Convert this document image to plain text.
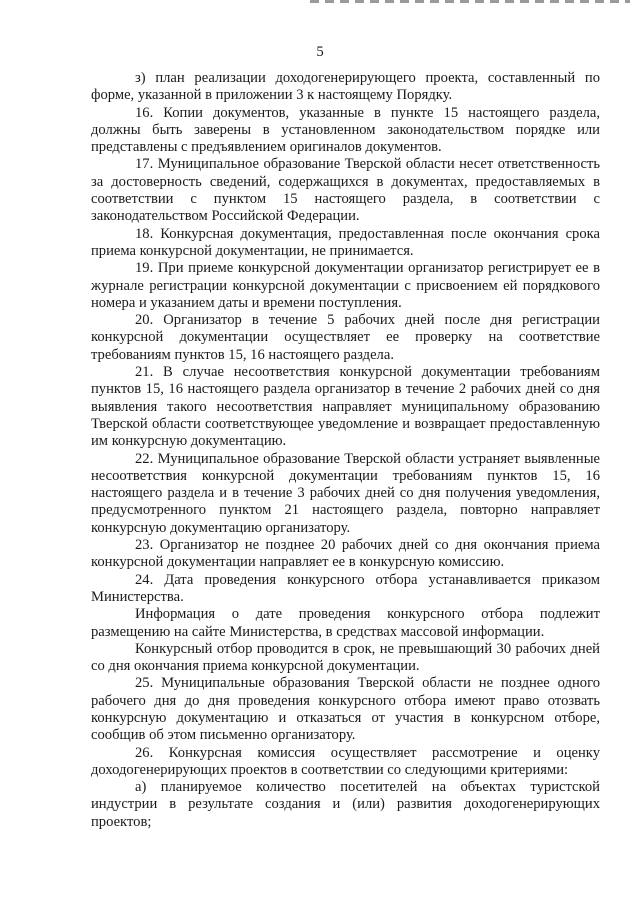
5

з) план реализации доходогенерирующего проекта, составленный по форме, указанной в приложении 3 к настоящему Порядку.

16. Копии документов, указанные в пункте 15 настоящего раздела, должны быть заверены в установленном законодательством порядке или представлены с предъявлением оригиналов документов.

17. Муниципальное образование Тверской области несет ответственность за достоверность сведений, содержащихся в документах, предоставляемых в соответствии с пунктом 15 настоящего раздела, в соответствии с законодательством Российской Федерации.

18. Конкурсная документация, предоставленная после окончания срока приема конкурсной документации, не принимается.

19. При приеме конкурсной документации организатор регистрирует ее в журнале регистрации конкурсной документации с присвоением ей порядкового номера и указанием даты и времени поступления.

20. Организатор в течение 5 рабочих дней после дня регистрации конкурсной документации осуществляет ее проверку на соответствие требованиям пунктов 15, 16 настоящего раздела.

21. В случае несоответствия конкурсной документации требованиям пунктов 15, 16 настоящего раздела организатор в течение 2 рабочих дней со дня выявления такого несоответствия направляет муниципальному образованию Тверской области соответствующее уведомление и возвращает предоставленную им конкурсную документацию.

22. Муниципальное образование Тверской области устраняет выявленные несоответствия конкурсной документации требованиям пунктов 15, 16 настоящего раздела и в течение 3 рабочих дней со дня получения уведомления, предусмотренного пунктом 21 настоящего раздела, повторно направляет конкурсную документацию организатору.

23. Организатор не позднее 20 рабочих дней со дня окончания приема конкурсной документации направляет ее в конкурсную комиссию.

24. Дата проведения конкурсного отбора устанавливается приказом Министерства.

Информация о дате проведения конкурсного отбора подлежит размещению на сайте Министерства, в средствах массовой информации.

Конкурсный отбор проводится в срок, не превышающий 30 рабочих дней со дня окончания приема конкурсной документации.

25. Муниципальные образования Тверской области не позднее одного рабочего дня до дня проведения конкурсного отбора имеют право отозвать конкурсную документацию и отказаться от участия в конкурсном отборе, сообщив об этом письменно организатору.

26. Конкурсная комиссия осуществляет рассмотрение и оценку доходогенерирующих проектов в соответствии со следующими критериями:

а) планируемое количество посетителей на объектах туристской индустрии в результате создания и (или) развития доходогенерирующих проектов;
